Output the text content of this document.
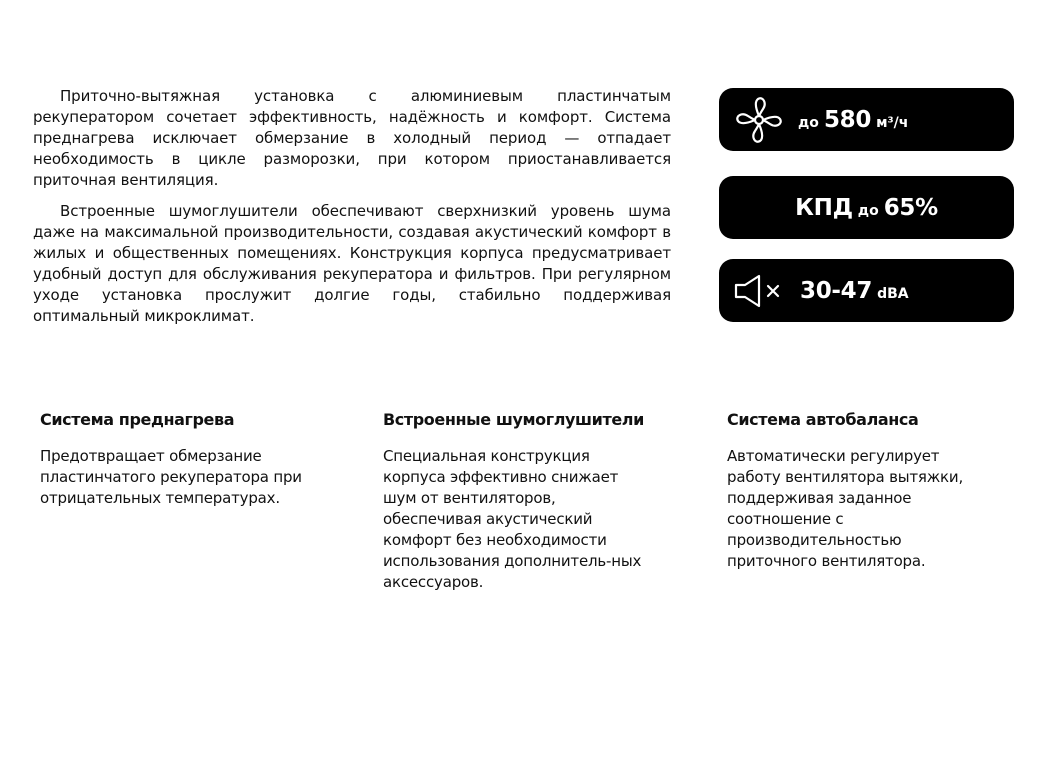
Приточно-вытяжная установка с алюминиевым пластинчатым рекуператором сочетает эффективность, надёжность и комфорт. Система преднагрева исключает обмерзание в холодный период — отпадает необходимость в цикле разморозки, при котором приостанавливается приточная вентиляция.

Встроенные шумоглушители обеспечивают сверхнизкий уровень шума даже на максимальной производительности, создавая акустический комфорт в жилых и общественных помещениях. Конструкция корпуса предусматривает удобный доступ для обслуживания рекуператора и фильтров. При регулярном уходе установка прослужит долгие годы, стабильно поддерживая оптимальный микроклимат.

до 580 м³/ч
КПД до 65%
30-47 dBA
Система преднагрева

Предотвращает обмерзание пластинчатого рекуператора при отрицательных температурах.

Встроенные шумоглушители

Специальная конструкция корпуса эффективно снижает шум от вентиляторов, обеспечивая акустический комфорт без необходимости использования дополнитель-ных аксессуаров.

Система автобаланса

Автоматически регулирует работу вентилятора вытяжки, поддерживая заданное соотношение с производительностью приточного вентилятора.
